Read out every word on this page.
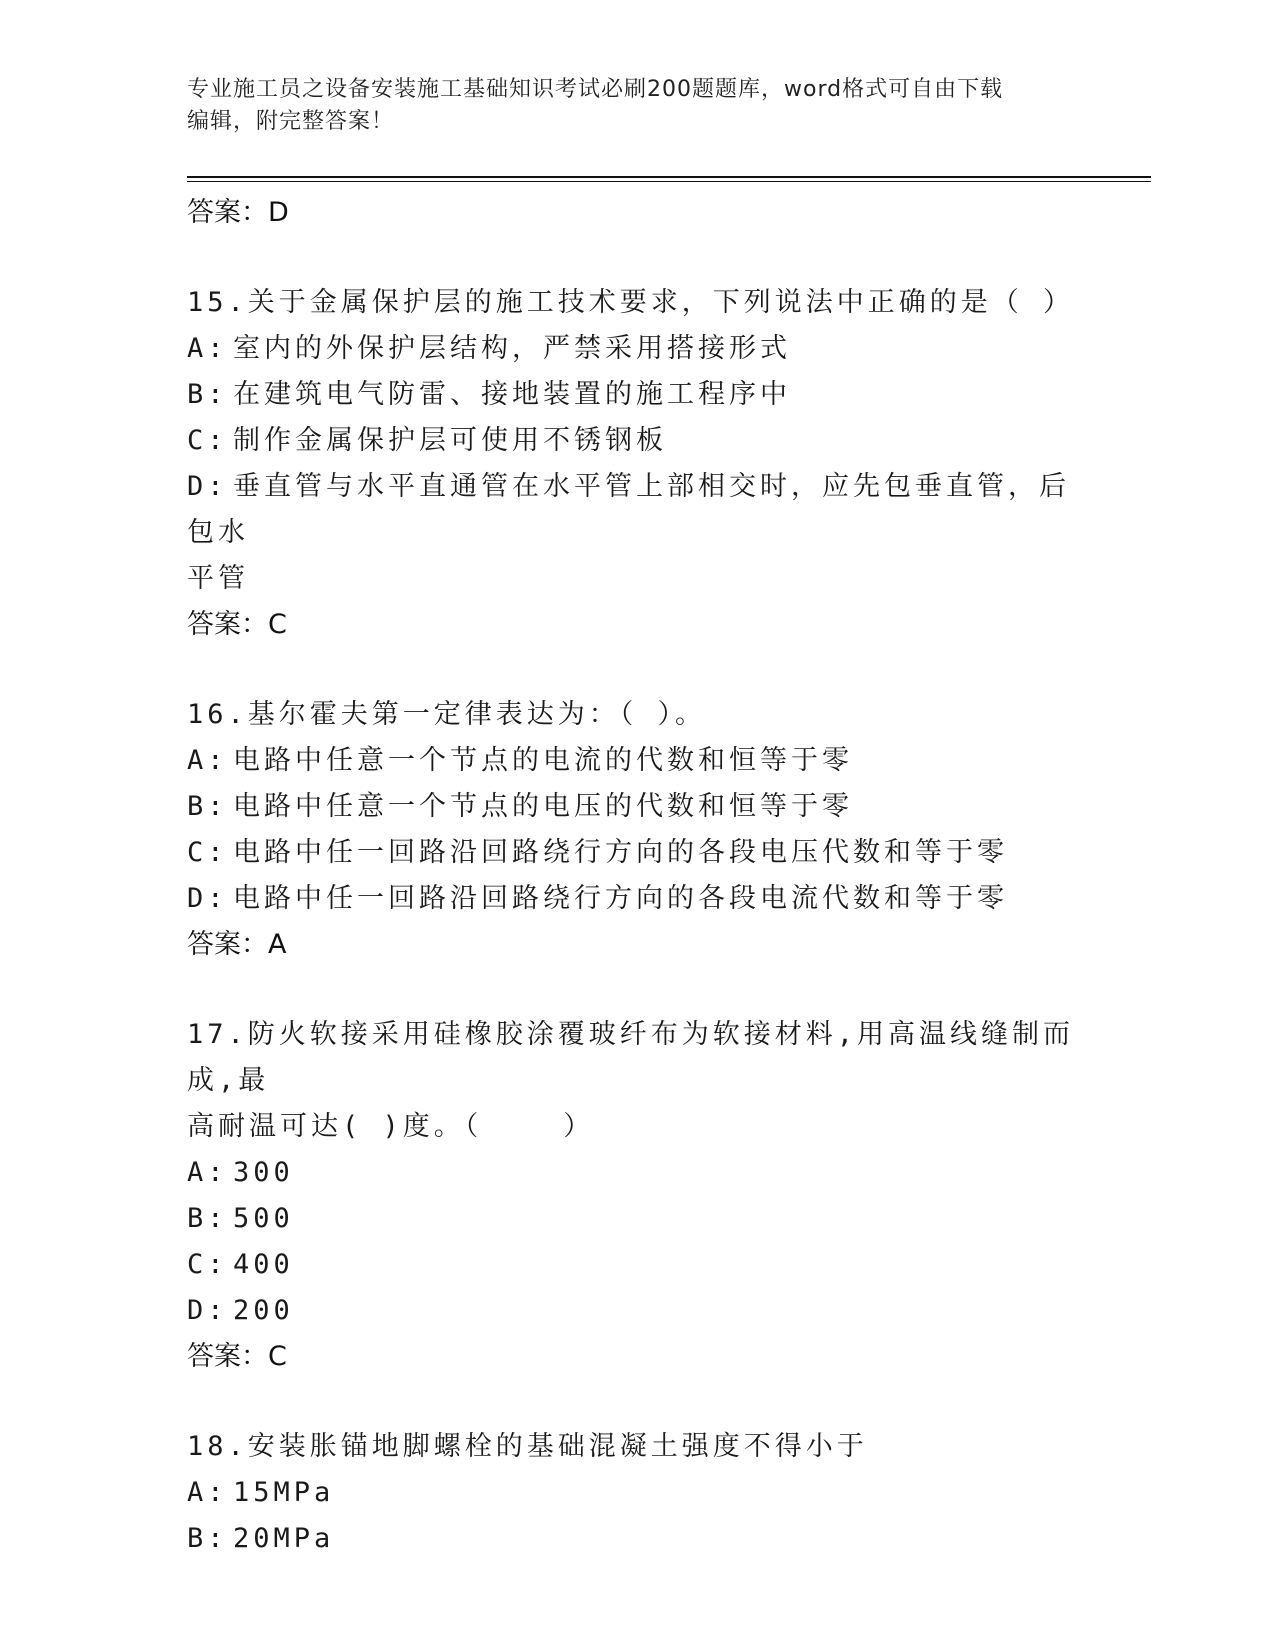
专业施工员之设备安装施工基础知识考试必刷200题题库，word格式可自由下载
编辑，附完整答案！
答案：D
15.关于金属保护层的施工技术要求，下列说法中正确的是（ ）
A: 室内的外保护层结构，严禁采用搭接形式
B: 在建筑电气防雷、接地装置的施工程序中
C: 制作金属保护层可使用不锈钢板
D: 垂直管与水平直通管在水平管上部相交时，应先包垂直管，后包水
平管
答案：C
16.基尔霍夫第一定律表达为：（ ）。
A: 电路中任意一个节点的电流的代数和恒等于零
B: 电路中任意一个节点的电压的代数和恒等于零
C: 电路中任一回路沿回路绕行方向的各段电压代数和等于零
D: 电路中任一回路沿回路绕行方向的各段电流代数和等于零
答案：A
17.防火软接采用硅橡胶涂覆玻纤布为软接材料,用高温线缝制而成,最
高耐温可达( )度。（    ）
A: 300
B: 500
C: 400
D: 200
答案：C
18.安装胀锚地脚螺栓的基础混凝土强度不得小于
A: 15MPa
B: 20MPa
